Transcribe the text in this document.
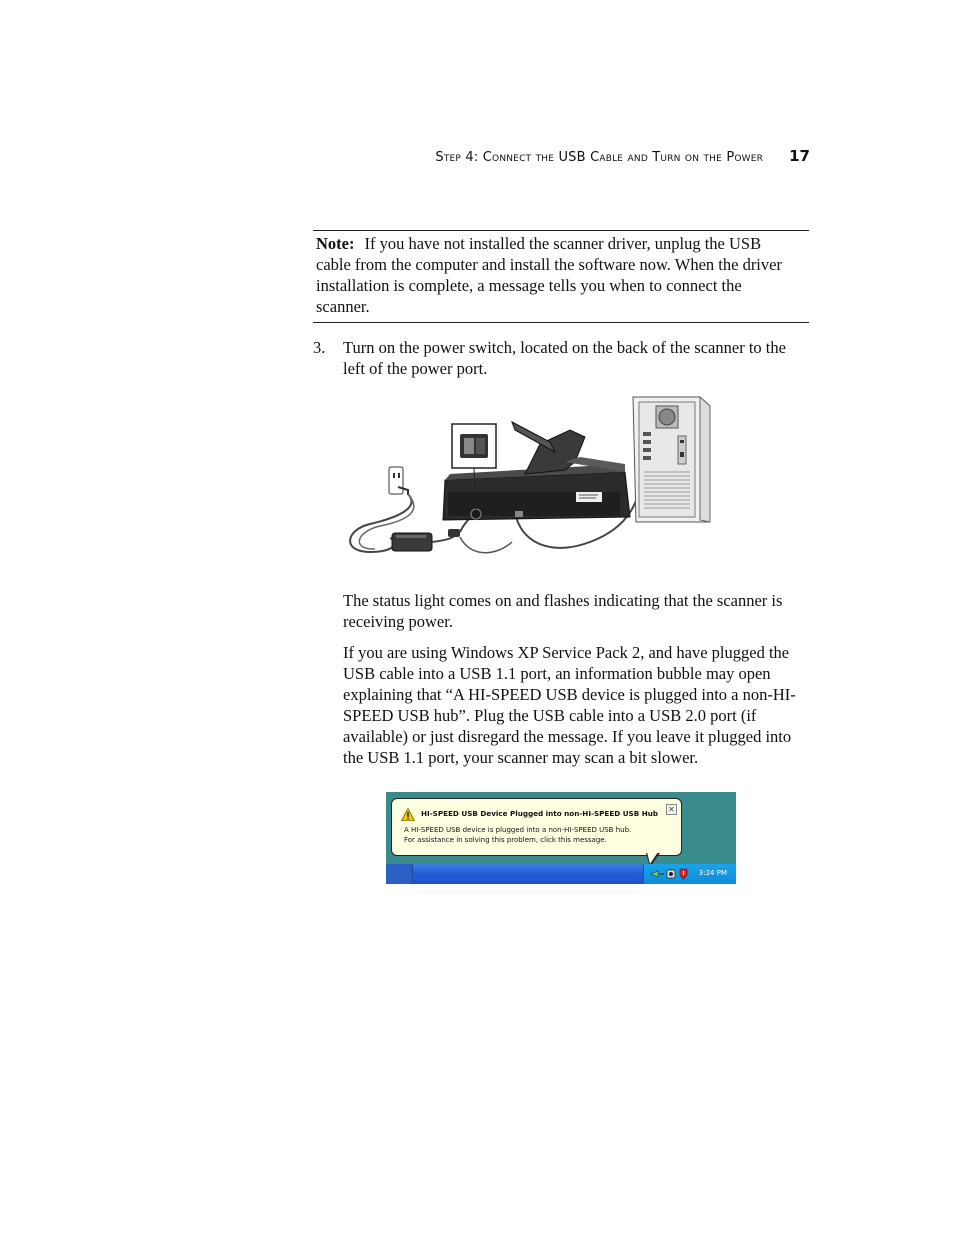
Step 4: Connect the USB Cable and Turn on the Power 17
Note: If you have not installed the scanner driver, unplug the USB cable from the computer and install the software now. When the driver installation is complete, a message tells you when to connect the scanner.
3.	Turn on the power switch, located on the back of the scanner to the left of the power port.

The status light comes on and flashes indicating that the scanner is receiving power.

If you are using Windows XP Service Pack 2, and have plugged the USB cable into a USB 1.1 port, an information bubble may open explaining that “A HI-SPEED USB device is plugged into a non-HI-SPEED USB hub”. Plug the USB cable into a USB 2.0 port (if available) or just disregard the message. If you leave it plugged into the USB 1.1 port, your scanner may scan a bit slower.

HI-SPEED USB Device Plugged into non-HI-SPEED USB Hub ✕
A HI-SPEED USB device is plugged into a non-HI-SPEED USB hub.
For assistance in solving this problem, click this message.
3:24 PM
